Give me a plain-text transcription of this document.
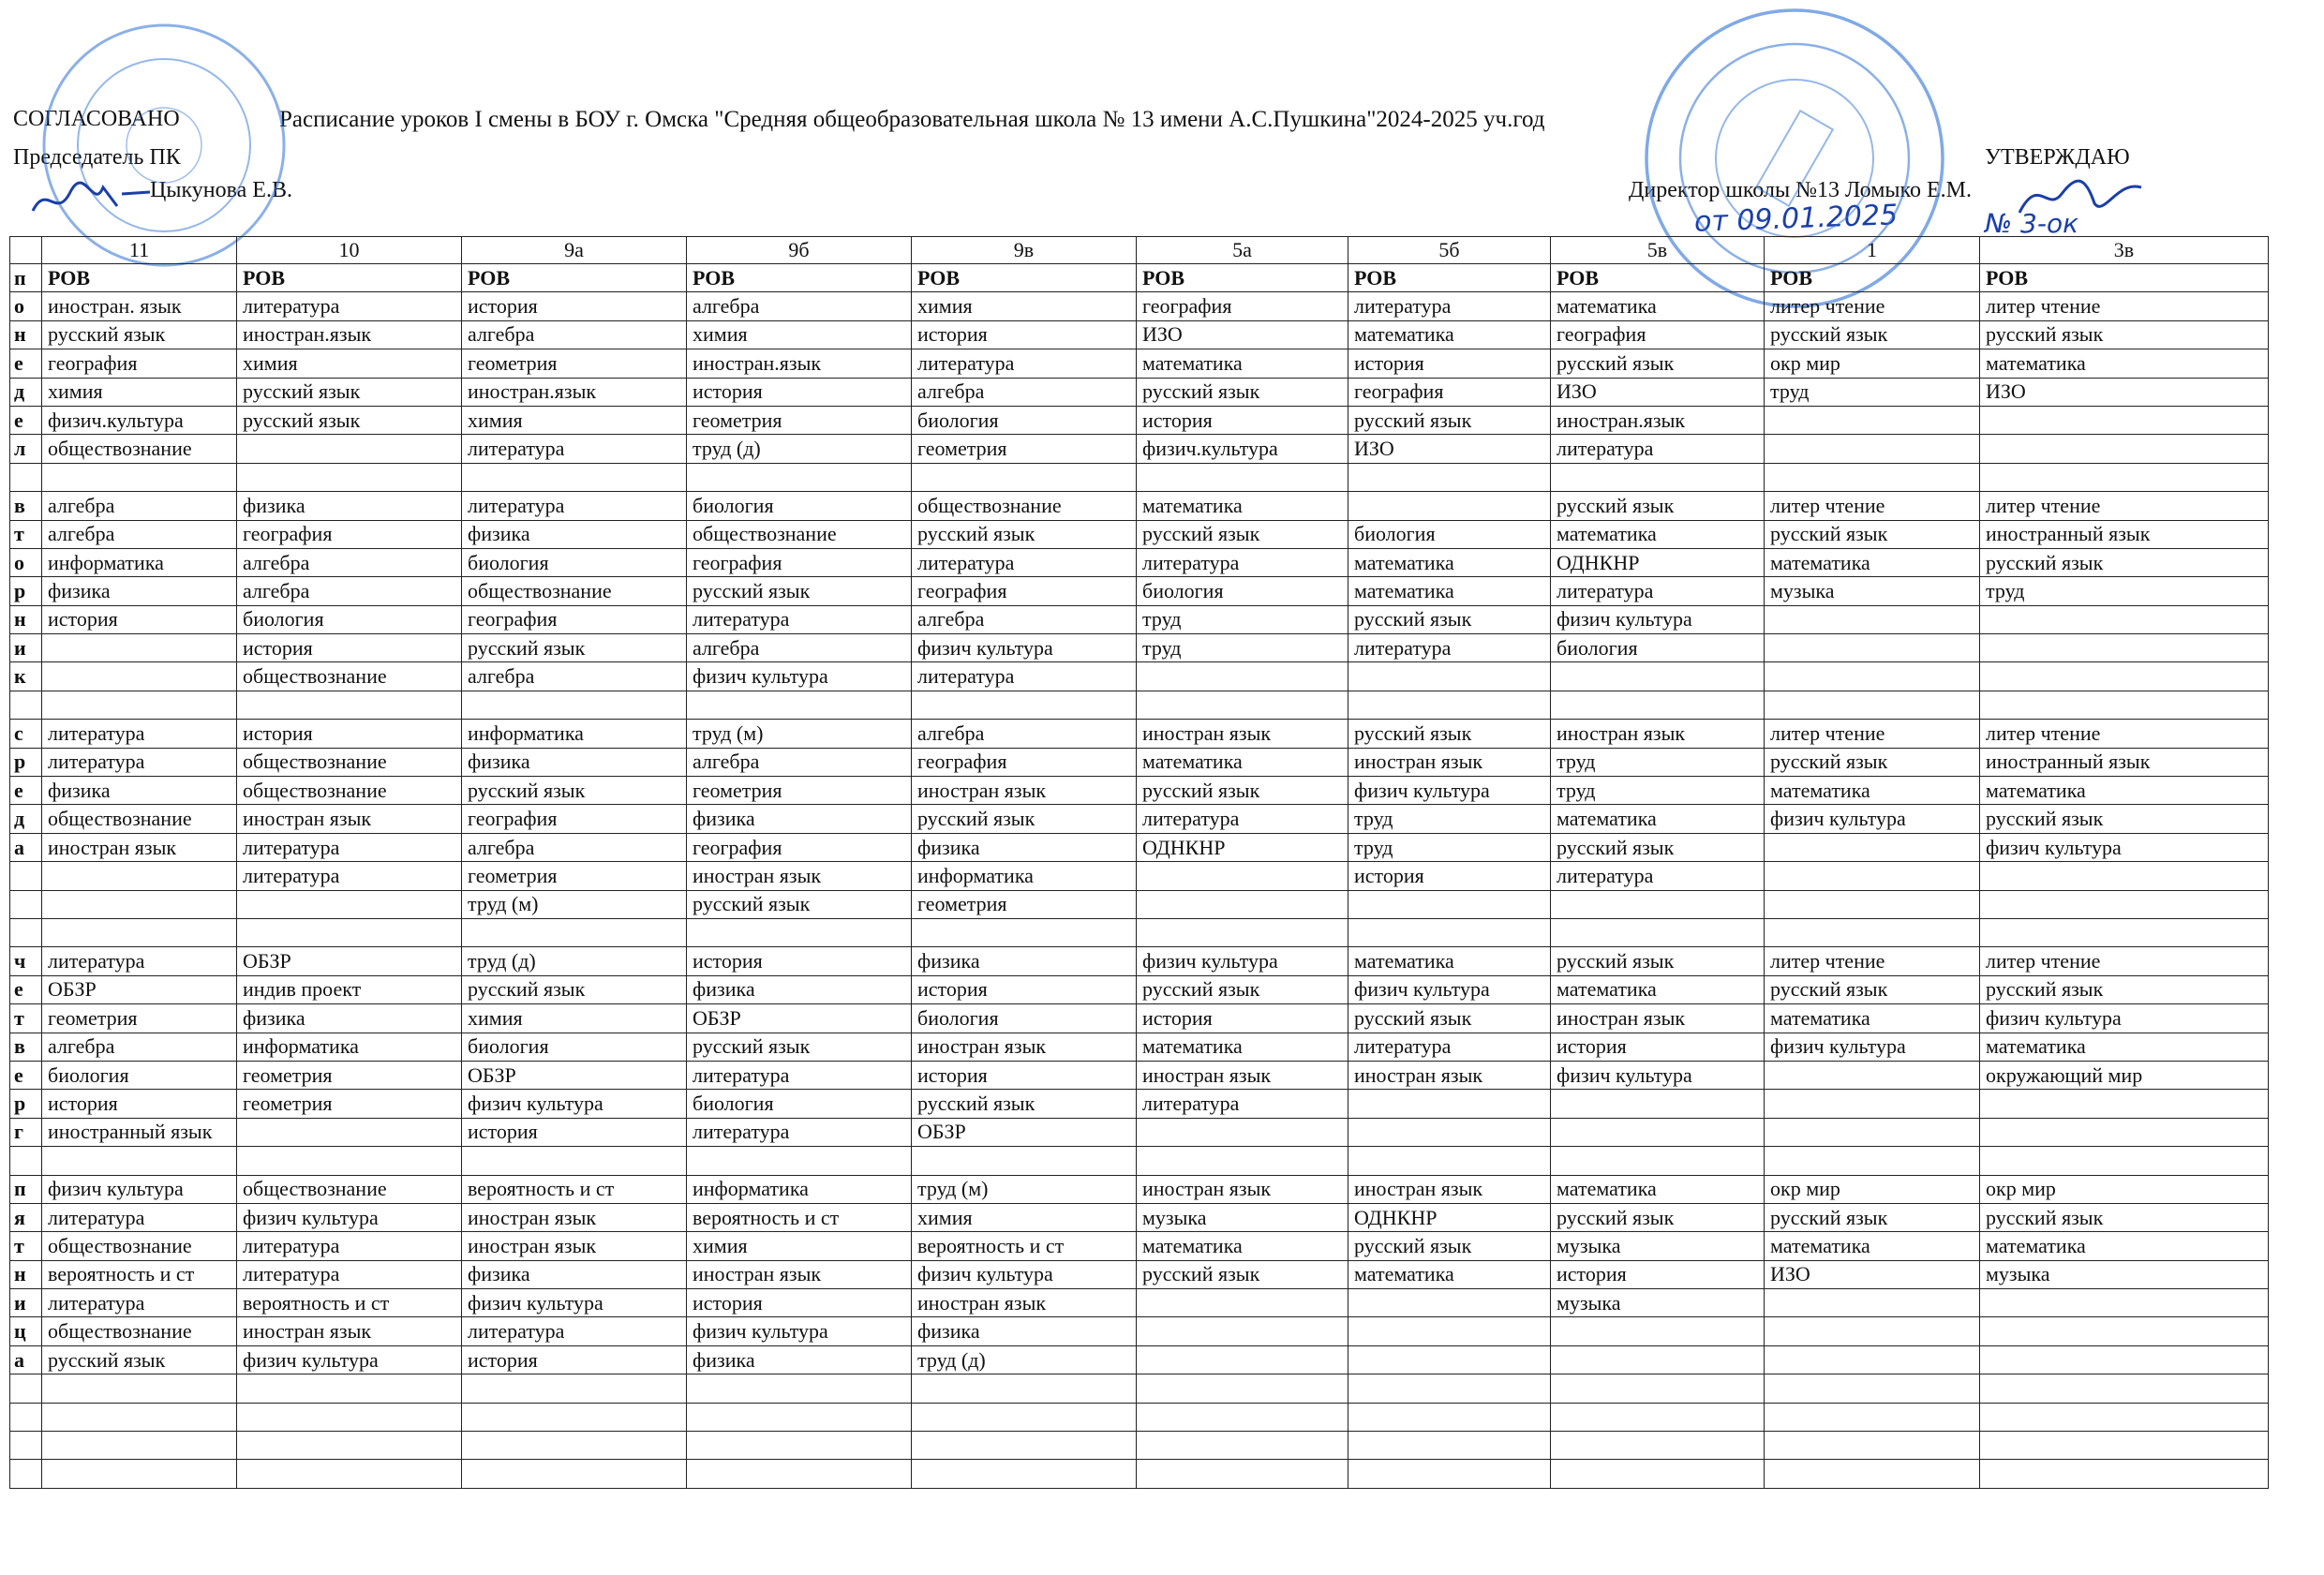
СОГЛАСОВАНО	Расписание уроков I смены в БОУ г. Омска "Средняя общеобразовательная школа № 13 имени А.С.Пушкина"2024-2025 уч.год
Председатель ПК
Цыкунова Е.В.
УТВЕРЖДАЮ
Директор школы №13 Ломыко Е.М.
от 09.01.2025	№ 3-ок
	11	10	9а	9б	9в	5а	5б	5в	1	3в
п	РОВ	РОВ	РОВ	РОВ	РОВ	РОВ	РОВ	РОВ	РОВ	РОВ
о	иностран. язык	литература	история	алгебра	химия	география	литература	математика	литер чтение	литер чтение
н	русский язык	иностран.язык	алгебра	химия	история	ИЗО	математика	география	русский язык	русский язык
е	география	химия	геометрия	иностран.язык	литература	математика	история	русский язык	окр мир	математика
д	химия	русский язык	иностран.язык	история	алгебра	русский язык	география	ИЗО	труд	ИЗО
е	физич.культура	русский язык	химия	геометрия	биология	история	русский язык	иностран.язык		
л	обществознание		литература	труд (д)	геометрия	физич.культура	ИЗО	литература		

в	алгебра	физика	литература	биология	обществознание	математика		русский язык	литер чтение	литер чтение
т	алгебра	география	физика	обществознание	русский язык	русский язык	биология	математика	русский язык	иностранный язык
о	информатика	алгебра	биология	география	литература	литература	математика	ОДНКНР	математика	русский язык
р	физика	алгебра	обществознание	русский язык	география	биология	математика	литература	музыка	труд
н	история	биология	география	литература	алгебра	труд	русский язык	физич культура		
и		история	русский язык	алгебра	физич культура	труд	литература	биология		
к		обществознание	алгебра	физич культура	литература					

с	литература	история	информатика	труд (м)	алгебра	иностран язык	русский язык	иностран язык	литер чтение	литер чтение
р	литература	обществознание	физика	алгебра	география	математика	иностран язык	труд	русский язык	иностранный язык
е	физика	обществознание	русский язык	геометрия	иностран язык	русский язык	физич культура	труд	математика	математика
д	обществознание	иностран язык	география	физика	русский язык	литература	труд	математика	физич культура	русский язык
а	иностран язык	литература	алгебра	география	физика	ОДНКНР	труд	русский язык		физич культура
		литература	геометрия	иностран язык	информатика		история	литература		
			труд (м)	русский язык	геометрия					

ч	литература	ОБЗР	труд (д)	история	физика	физич культура	математика	русский язык	литер чтение	литер чтение
е	ОБЗР	индив проект	русский язык	физика	история	русский язык	физич культура	математика	русский язык	русский язык
т	геометрия	физика	химия	ОБЗР	биология	история	русский язык	иностран язык	математика	физич культура
в	алгебра	информатика	биология	русский язык	иностран язык	математика	литература	история	физич культура	математика
е	биология	геометрия	ОБЗР	литература	история	иностран язык	иностран язык	физич культура		окружающий мир
р	история	геометрия	физич культура	биология	русский язык	литература				
г	иностранный язык		история	литература	ОБЗР					

п	физич культура	обществознание	вероятность и ст	информатика	труд (м)	иностран язык	иностран язык	математика	окр мир	окр мир
я	литература	физич культура	иностран язык	вероятность и ст	химия	музыка	ОДНКНР	русский язык	русский язык	русский язык
т	обществознание	литература	иностран язык	химия	вероятность и ст	математика	русский язык	музыка	математика	математика
н	вероятность и ст	литература	физика	иностран язык	физич культура	русский язык	математика	история	ИЗО	музыка
и	литература	вероятность и ст	физич культура	история	иностран язык			музыка		
ц	обществознание	иностран язык	литература	физич культура	физика					
а	русский язык	физич культура	история	физика	труд (д)					
